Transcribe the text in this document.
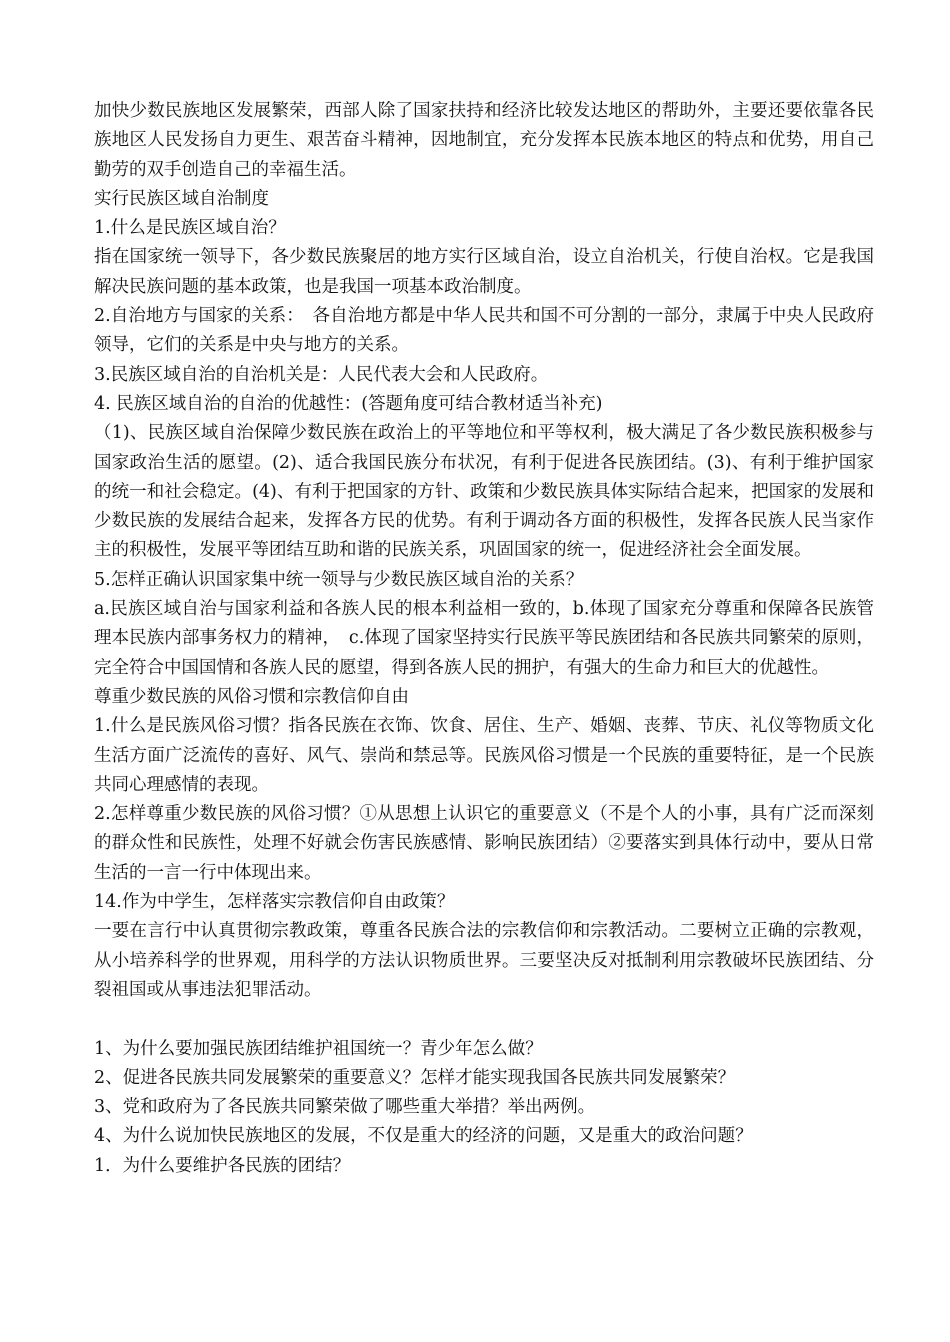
加快少数民族地区发展繁荣，西部人除了国家扶持和经济比较发达地区的帮助外，主要还要依靠各民族地区人民发扬自力更生、艰苦奋斗精神，因地制宜，充分发挥本民族本地区的特点和优势，用自己勤劳的双手创造自己的幸福生活。

实行民族区域自治制度

1.什么是民族区域自治？

指在国家统一领导下，各少数民族聚居的地方实行区域自治，设立自治机关，行使自治权。它是我国解决民族问题的基本政策，也是我国一项基本政治制度。

2.自治地方与国家的关系：　各自治地方都是中华人民共和国不可分割的一部分，隶属于中央人民政府领导，它们的关系是中央与地方的关系。

3.民族区域自治的自治机关是：人民代表大会和人民政府。

4. 民族区域自治的自治的优越性：(答题角度可结合教材适当补充)

（1)、民族区域自治保障少数民族在政治上的平等地位和平等权利，极大满足了各少数民族积极参与国家政治生活的愿望。(2)、适合我国民族分布状况，有利于促进各民族团结。(3)、有利于维护国家的统一和社会稳定。(4)、有利于把国家的方针、政策和少数民族具体实际结合起来，把国家的发展和少数民族的发展结合起来，发挥各方民的优势。有利于调动各方面的积极性，发挥各民族人民当家作主的积极性，发展平等团结互助和谐的民族关系，巩固国家的统一，促进经济社会全面发展。

5.怎样正确认识国家集中统一领导与少数民族区域自治的关系？

a.民族区域自治与国家利益和各族人民的根本利益相一致的，b.体现了国家充分尊重和保障各民族管理本民族内部事务权力的精神，　c.体现了国家坚持实行民族平等民族团结和各民族共同繁荣的原则，完全符合中国国情和各族人民的愿望，得到各族人民的拥护，有强大的生命力和巨大的优越性。

尊重少数民族的风俗习惯和宗教信仰自由

1.什么是民族风俗习惯？指各民族在衣饰、饮食、居住、生产、婚姻、丧葬、节庆、礼仪等物质文化生活方面广泛流传的喜好、风气、崇尚和禁忌等。民族风俗习惯是一个民族的重要特征，是一个民族共同心理感情的表现。

2.怎样尊重少数民族的风俗习惯？①从思想上认识它的重要意义（不是个人的小事，具有广泛而深刻的群众性和民族性，处理不好就会伤害民族感情、影响民族团结）②要落实到具体行动中，要从日常生活的一言一行中体现出来。

14.作为中学生，怎样落实宗教信仰自由政策？

一要在言行中认真贯彻宗教政策，尊重各民族合法的宗教信仰和宗教活动。二要树立正确的宗教观，从小培养科学的世界观，用科学的方法认识物质世界。三要坚决反对抵制利用宗教破坏民族团结、分裂祖国或从事违法犯罪活动。

1、为什么要加强民族团结维护祖国统一？青少年怎么做？

2、促进各民族共同发展繁荣的重要意义？怎样才能实现我国各民族共同发展繁荣？

3、党和政府为了各民族共同繁荣做了哪些重大举措？举出两例。

4、为什么说加快民族地区的发展，不仅是重大的经济的问题，又是重大的政治问题？

1．为什么要维护各民族的团结？
